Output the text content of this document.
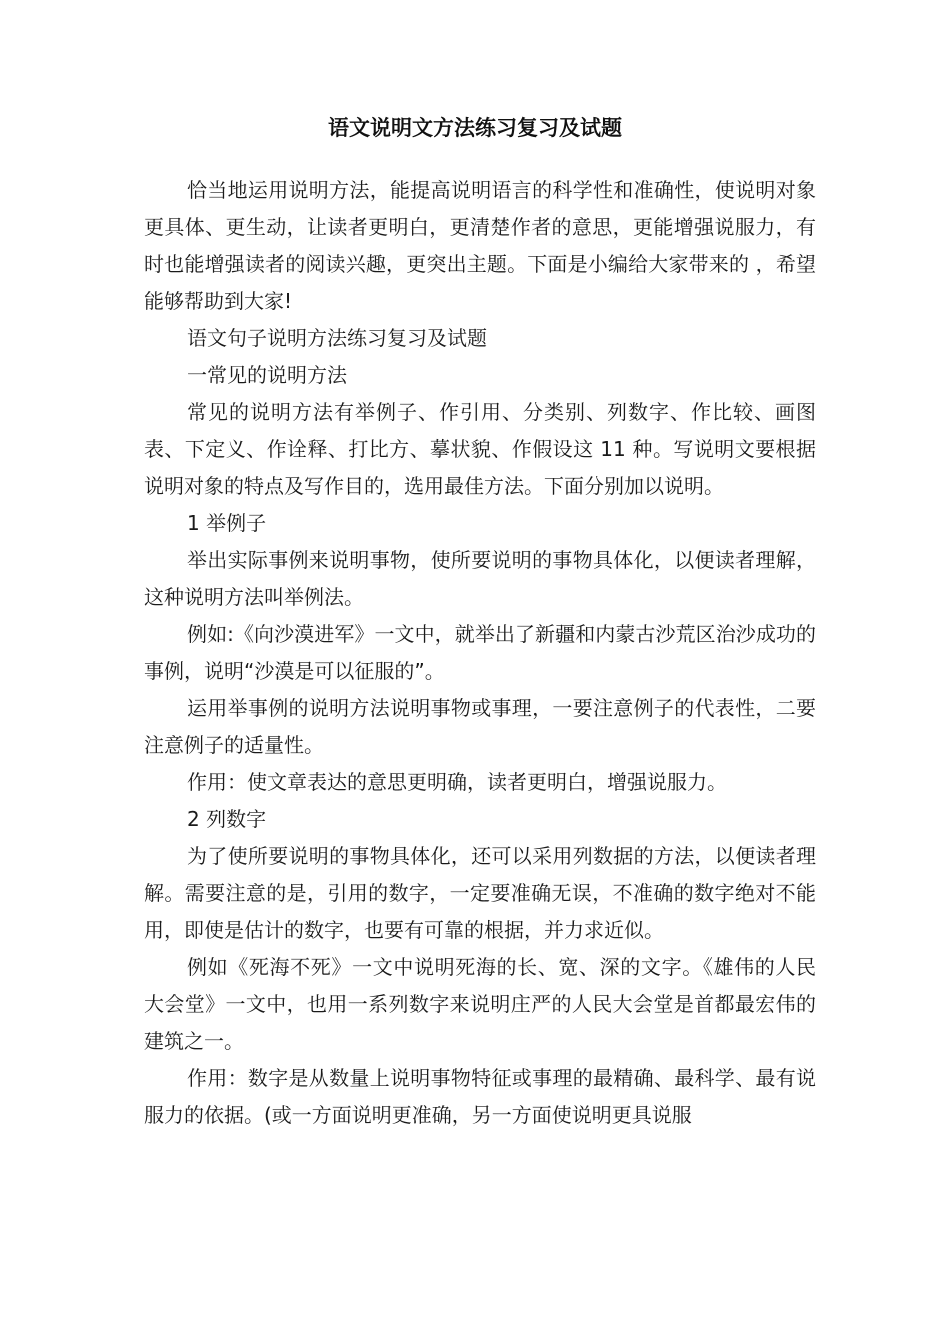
语文说明文方法练习复习及试题

恰当地运用说明方法，能提高说明语言的科学性和准确性，使说明对象更具体、更生动，让读者更明白，更清楚作者的意思，更能增强说服力，有时也能增强读者的阅读兴趣，更突出主题。下面是小编给大家带来的 ，希望能够帮助到大家!

语文句子说明方法练习复习及试题

一常见的说明方法

常见的说明方法有举例子、作引用、分类别、列数字、作比较、画图表、下定义、作诠释、打比方、摹状貌、作假设这 11 种。写说明文要根据说明对象的特点及写作目的，选用最佳方法。下面分别加以说明。

1 举例子

举出实际事例来说明事物，使所要说明的事物具体化，以便读者理解，这种说明方法叫举例法。

例如:《向沙漠进军》一文中，就举出了新疆和内蒙古沙荒区治沙成功的事例，说明“沙漠是可以征服的”。

运用举事例的说明方法说明事物或事理，一要注意例子的代表性，二要注意例子的适量性。

作用：使文章表达的意思更明确，读者更明白，增强说服力。

2 列数字

为了使所要说明的事物具体化，还可以采用列数据的方法，以便读者理解。需要注意的是，引用的数字，一定要准确无误，不准确的数字绝对不能用，即使是估计的数字，也要有可靠的根据，并力求近似。

例如《死海不死》一文中说明死海的长、宽、深的文字。《雄伟的人民大会堂》一文中，也用一系列数字来说明庄严的人民大会堂是首都最宏伟的建筑之一。

作用：数字是从数量上说明事物特征或事理的最精确、最科学、最有说服力的依据。(或一方面说明更准确，另一方面使说明更具说服
